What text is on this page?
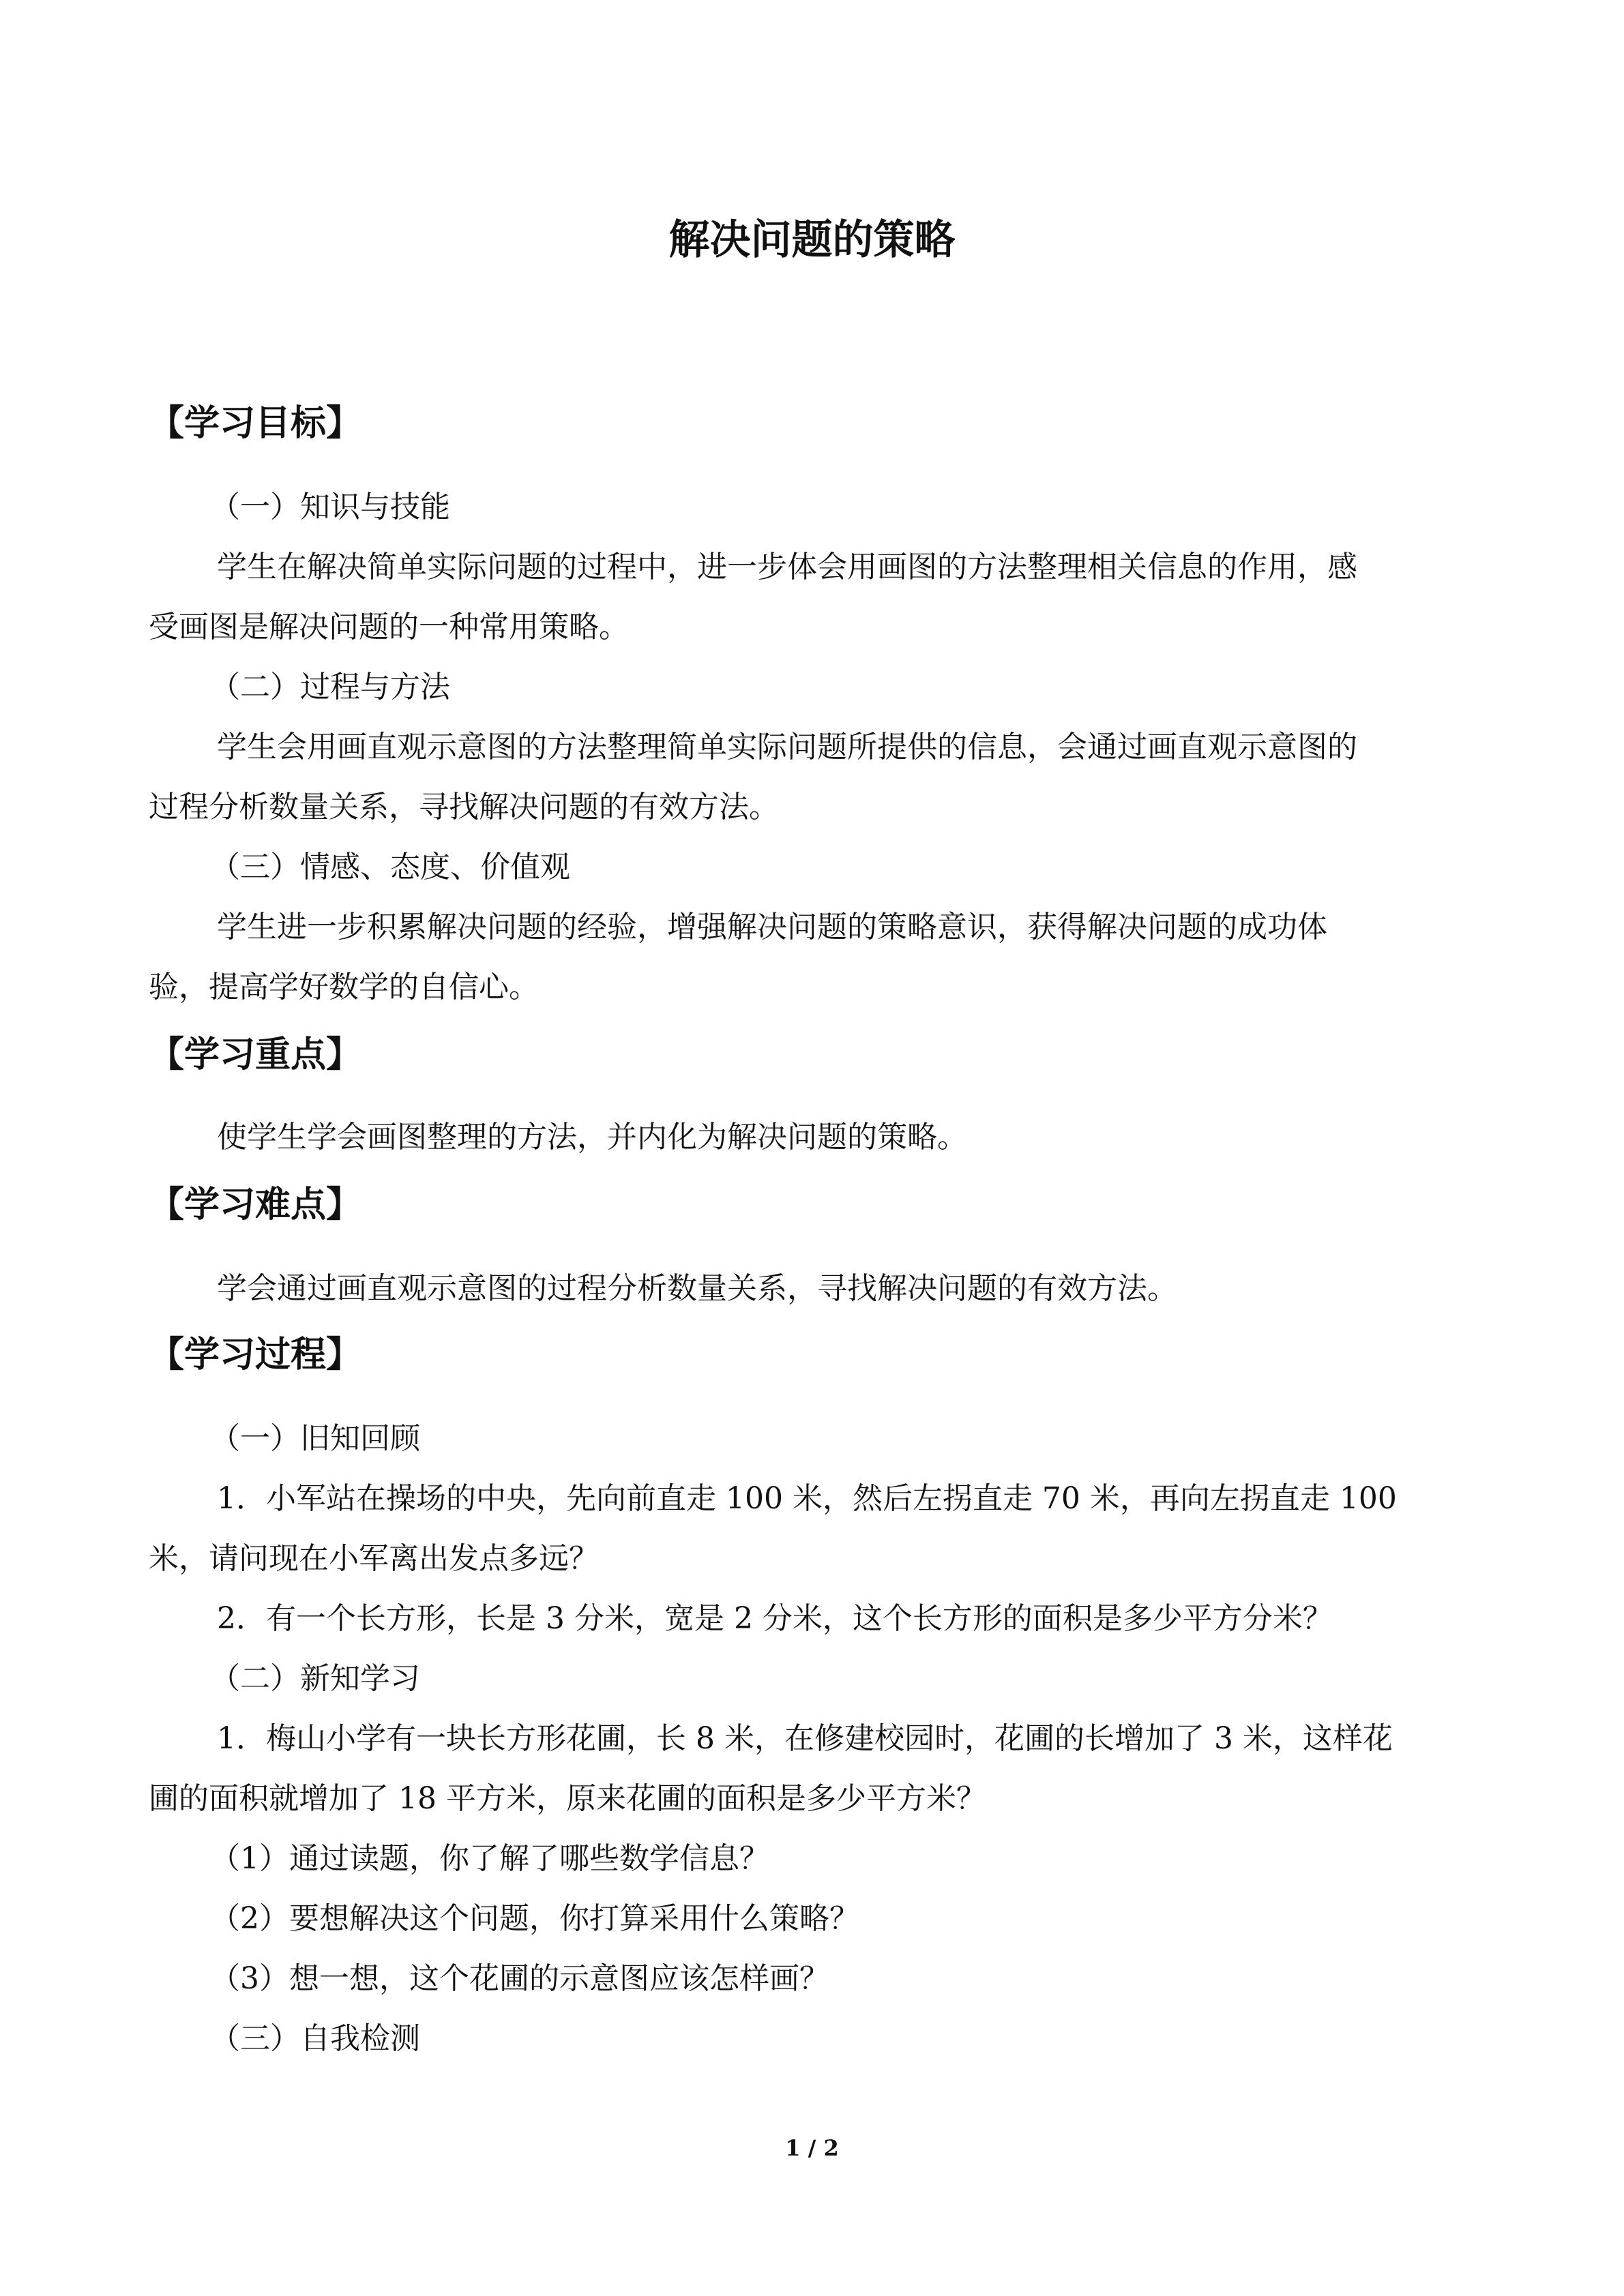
解决问题的策略
【学习目标】
（一）知识与技能
学生在解决简单实际问题的过程中，进一步体会用画图的方法整理相关信息的作用，感
受画图是解决问题的一种常用策略。
（二）过程与方法
学生会用画直观示意图的方法整理简单实际问题所提供的信息，会通过画直观示意图的
过程分析数量关系，寻找解决问题的有效方法。
（三）情感、态度、价值观
学生进一步积累解决问题的经验，增强解决问题的策略意识，获得解决问题的成功体
验，提高学好数学的自信心。
【学习重点】
使学生学会画图整理的方法，并内化为解决问题的策略。
【学习难点】
学会通过画直观示意图的过程分析数量关系，寻找解决问题的有效方法。
【学习过程】
（一）旧知回顾
1．小军站在操场的中央，先向前直走 100 米，然后左拐直走 70 米，再向左拐直走 100
米，请问现在小军离出发点多远？
2．有一个长方形，长是 3 分米，宽是 2 分米，这个长方形的面积是多少平方分米？
（二）新知学习
1．梅山小学有一块长方形花圃，长 8 米，在修建校园时，花圃的长增加了 3 米，这样花
圃的面积就增加了 18 平方米，原来花圃的面积是多少平方米？
（1）通过读题，你了解了哪些数学信息？
（2）要想解决这个问题，你打算采用什么策略？
（3）想一想，这个花圃的示意图应该怎样画？
（三）自我检测
1 / 2
